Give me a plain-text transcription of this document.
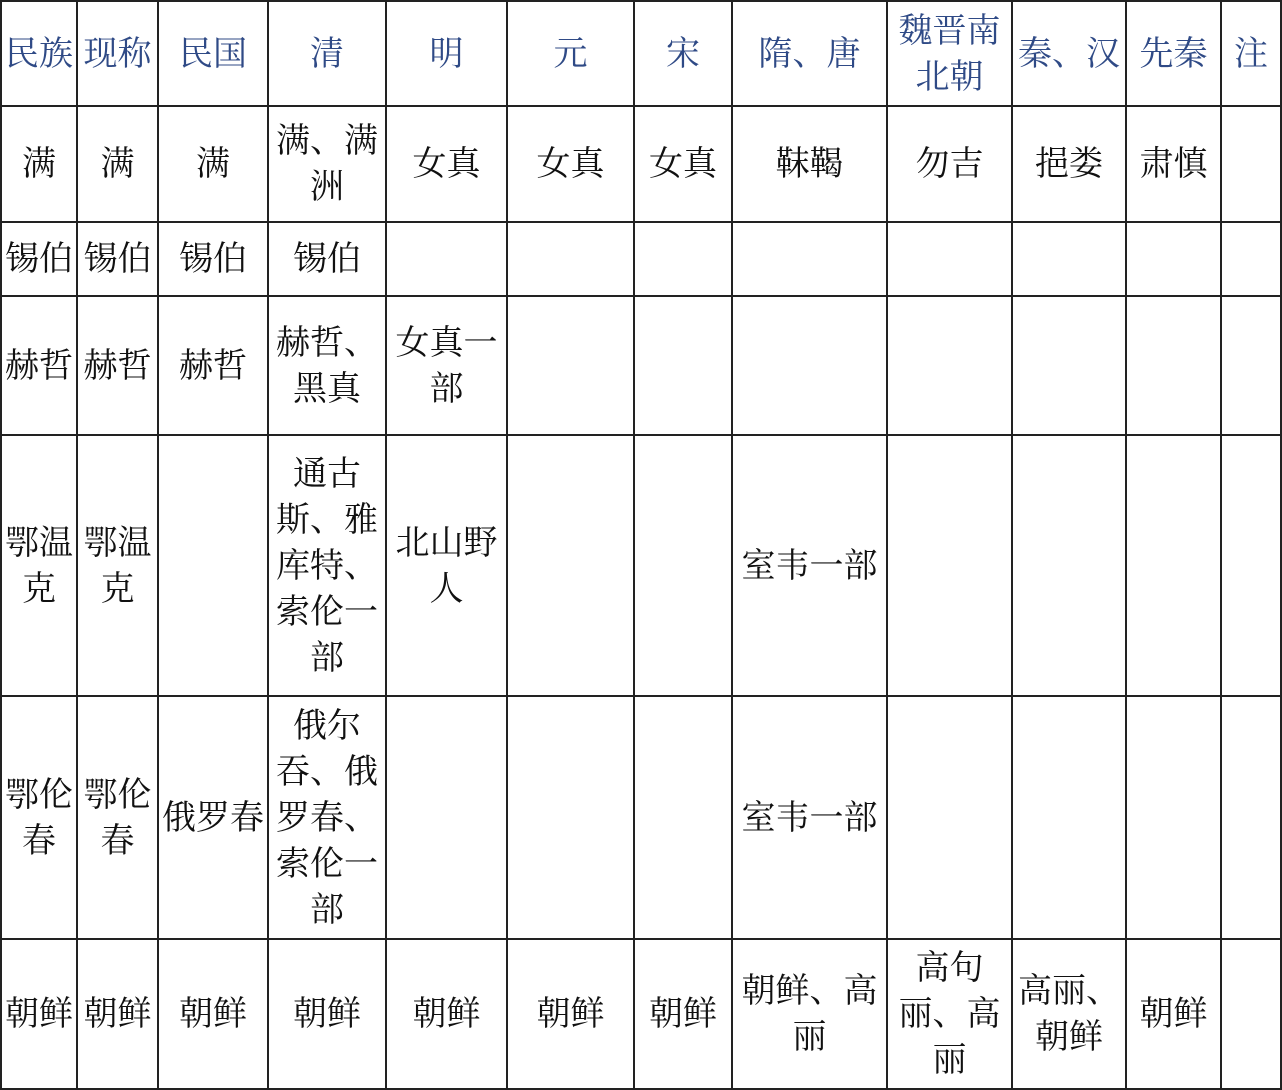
民族	现称	民国	清	明	元	宋	隋、唐	魏晋南北朝	秦、汉	先秦	注

满	满	满	满、满洲	女真	女真	女真	靺鞨	勿吉	挹娄	肃慎	

锡伯	锡伯	锡伯	锡伯								

赫哲	赫哲	赫哲	赫哲、黑真	女真一部							

鄂温克	鄂温克		通古斯、雅库特、索伦一部	北山野人			室韦一部				

鄂伦春	鄂伦春	俄罗春	俄尔吞、俄罗春、索伦一部				室韦一部				

朝鲜	朝鲜	朝鲜	朝鲜	朝鲜	朝鲜	朝鲜	朝鲜、高丽	高句丽、高丽	高丽、朝鲜	朝鲜	
